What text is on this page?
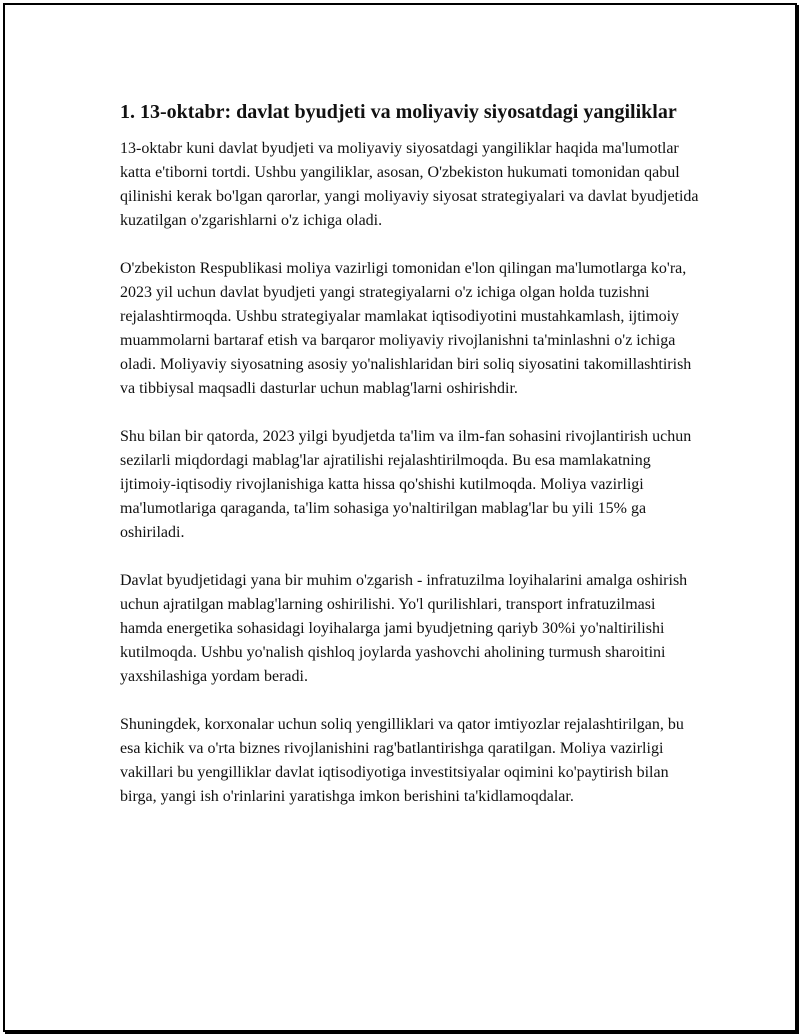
1. 13-oktabr: davlat byudjeti va moliyaviy siyosatdagi yangiliklar

13-oktabr kuni davlat byudjeti va moliyaviy siyosatdagi yangiliklar haqida ma'lumotlar katta e'tiborni tortdi. Ushbu yangiliklar, asosan, O'zbekiston hukumati tomonidan qabul qilinishi kerak bo'lgan qarorlar, yangi moliyaviy siyosat strategiyalari va davlat byudjetida kuzatilgan o'zgarishlarni o'z ichiga oladi.

O'zbekiston Respublikasi moliya vazirligi tomonidan e'lon qilingan ma'lumotlarga ko'ra, 2023 yil uchun davlat byudjeti yangi strategiyalarni o'z ichiga olgan holda tuzishni rejalashtirmoqda. Ushbu strategiyalar mamlakat iqtisodiyotini mustahkamlash, ijtimoiy muammolarni bartaraf etish va barqaror moliyaviy rivojlanishni ta'minlashni o'z ichiga oladi. Moliyaviy siyosatning asosiy yo'nalishlaridan biri soliq siyosatini takomillashtirish va tibbiysal maqsadli dasturlar uchun mablag'larni oshirishdir.

Shu bilan bir qatorda, 2023 yilgi byudjetda ta'lim va ilm-fan sohasini rivojlantirish uchun sezilarli miqdordagi mablag'lar ajratilishi rejalashtirilmoqda. Bu esa mamlakatning ijtimoiy-iqtisodiy rivojlanishiga katta hissa qo'shishi kutilmoqda. Moliya vazirligi ma'lumotlariga qaraganda, ta'lim sohasiga yo'naltirilgan mablag'lar bu yili 15% ga oshiriladi.

Davlat byudjetidagi yana bir muhim o'zgarish - infratuzilma loyihalarini amalga oshirish uchun ajratilgan mablag'larning oshirilishi. Yo'l qurilishlari, transport infratuzilmasi hamda energetika sohasidagi loyihalarga jami byudjetning qariyb 30%i yo'naltirilishi kutilmoqda. Ushbu yo'nalish qishloq joylarda yashovchi aholining turmush sharoitini yaxshilashiga yordam beradi.

Shuningdek, korxonalar uchun soliq yengilliklari va qator imtiyozlar rejalashtirilgan, bu esa kichik va o'rta biznes rivojlanishini rag'batlantirishga qaratilgan. Moliya vazirligi vakillari bu yengilliklar davlat iqtisodiyotiga investitsiyalar oqimini ko'paytirish bilan birga, yangi ish o'rinlarini yaratishga imkon berishini ta'kidlamoqdalar.
